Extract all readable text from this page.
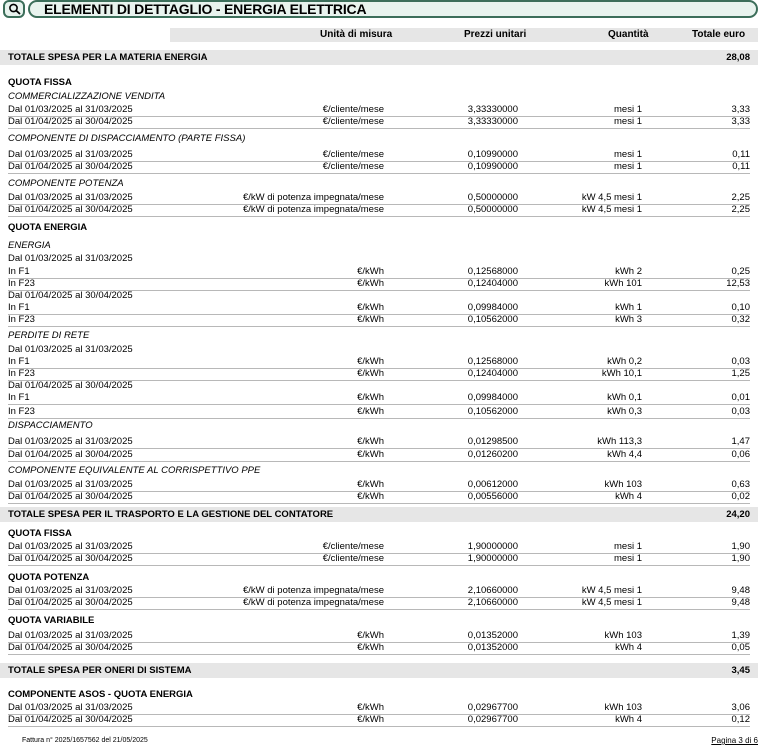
ELEMENTI DI DETTAGLIO - ENERGIA ELETTRICA
Unità di misura	Prezzi unitari	Quantità	Totale euro
TOTALE SPESA PER LA MATERIA ENERGIA	28,08
QUOTA FISSA
COMMERCIALIZZAZIONE VENDITA
Dal 01/03/2025 al 31/03/2025	€/cliente/mese	3,33330000	mesi 1	3,33
Dal 01/04/2025 al 30/04/2025	€/cliente/mese	3,33330000	mesi 1	3,33
COMPONENTE DI DISPACCIAMENTO (PARTE FISSA)
Dal 01/03/2025 al 31/03/2025	€/cliente/mese	0,10990000	mesi 1	0,11
Dal 01/04/2025 al 30/04/2025	€/cliente/mese	0,10990000	mesi 1	0,11
COMPONENTE POTENZA
Dal 01/03/2025 al 31/03/2025	€/kW di potenza impegnata/mese	0,50000000	kW 4,5 mesi 1	2,25
Dal 01/04/2025 al 30/04/2025	€/kW di potenza impegnata/mese	0,50000000	kW 4,5 mesi 1	2,25
QUOTA ENERGIA
ENERGIA
Dal 01/03/2025 al 31/03/2025
In F1	€/kWh	0,12568000	kWh 2	0,25
In F23	€/kWh	0,12404000	kWh 101	12,53
Dal 01/04/2025 al 30/04/2025
In F1	€/kWh	0,09984000	kWh 1	0,10
In F23	€/kWh	0,10562000	kWh 3	0,32
PERDITE DI RETE
Dal 01/03/2025 al 31/03/2025
In F1	€/kWh	0,12568000	kWh 0,2	0,03
In F23	€/kWh	0,12404000	kWh 10,1	1,25
Dal 01/04/2025 al 30/04/2025
In F1	€/kWh	0,09984000	kWh 0,1	0,01
In F23	€/kWh	0,10562000	kWh 0,3	0,03
DISPACCIAMENTO
Dal 01/03/2025 al 31/03/2025	€/kWh	0,01298500	kWh 113,3	1,47
Dal 01/04/2025 al 30/04/2025	€/kWh	0,01260200	kWh 4,4	0,06
COMPONENTE EQUIVALENTE AL CORRISPETTIVO PPE
Dal 01/03/2025 al 31/03/2025	€/kWh	0,00612000	kWh 103	0,63
Dal 01/04/2025 al 30/04/2025	€/kWh	0,00556000	kWh 4	0,02
TOTALE SPESA PER IL TRASPORTO E LA GESTIONE DEL CONTATORE	24,20
QUOTA FISSA
Dal 01/03/2025 al 31/03/2025	€/cliente/mese	1,90000000	mesi 1	1,90
Dal 01/04/2025 al 30/04/2025	€/cliente/mese	1,90000000	mesi 1	1,90
QUOTA POTENZA
Dal 01/03/2025 al 31/03/2025	€/kW di potenza impegnata/mese	2,10660000	kW 4,5 mesi 1	9,48
Dal 01/04/2025 al 30/04/2025	€/kW di potenza impegnata/mese	2,10660000	kW 4,5 mesi 1	9,48
QUOTA VARIABILE
Dal 01/03/2025 al 31/03/2025	€/kWh	0,01352000	kWh 103	1,39
Dal 01/04/2025 al 30/04/2025	€/kWh	0,01352000	kWh 4	0,05
TOTALE SPESA PER ONERI DI SISTEMA	3,45
COMPONENTE ASOS - QUOTA ENERGIA
Dal 01/03/2025 al 31/03/2025	€/kWh	0,02967700	kWh 103	3,06
Dal 01/04/2025 al 30/04/2025	€/kWh	0,02967700	kWh 4	0,12
Fattura n° 2025/1657562 del 21/05/2025	Pagina 3 di 6
